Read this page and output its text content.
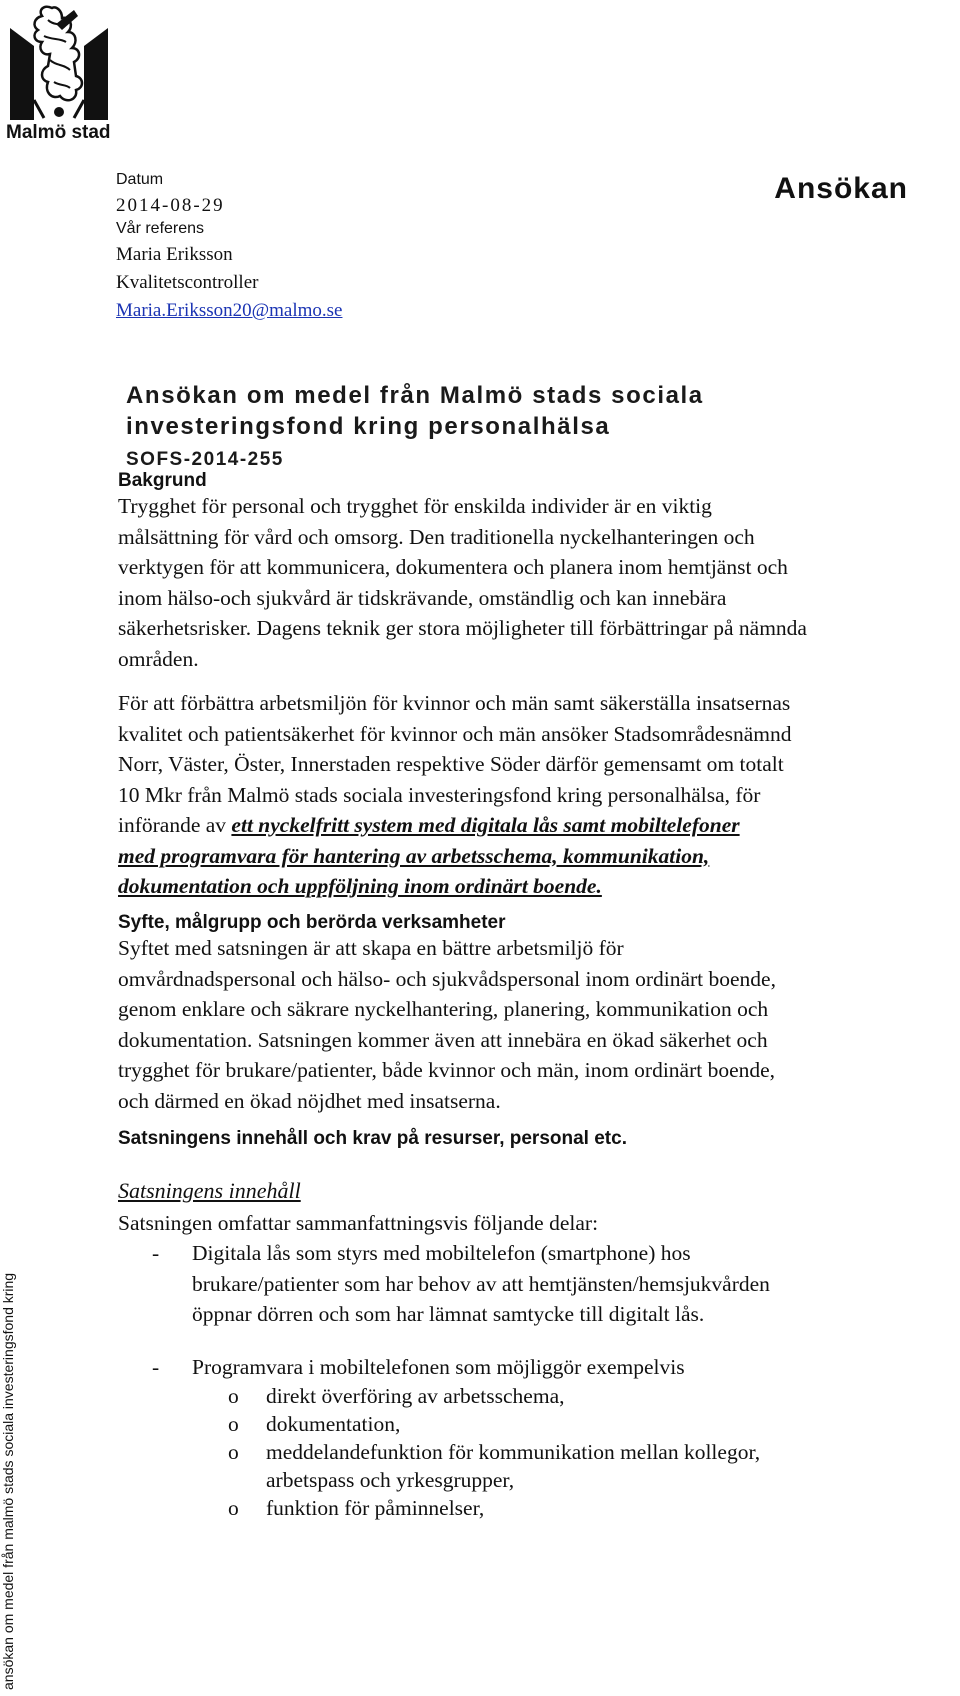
Malmö stad
Datum
2014-08-29
Vår referens
Maria Eriksson
Kvalitetscontroller
Maria.Eriksson20@malmo.se
Ansökan
Ansökan om medel från Malmö stads sociala
investeringsfond kring personalhälsa
SOFS-2014-255
Bakgrund
Trygghet för personal och trygghet för enskilda individer är en viktig
målsättning för vård och omsorg. Den traditionella nyckelhanteringen och
verktygen för att kommunicera, dokumentera och planera inom hemtjänst och
inom hälso-och sjukvård är tidskrävande, omständlig och kan innebära
säkerhetsrisker. Dagens teknik ger stora möjligheter till förbättringar på nämnda
områden.
För att förbättra arbetsmiljön för kvinnor och män samt säkerställa insatsernas
kvalitet och patientsäkerhet för kvinnor och män ansöker Stadsområdesnämnd
Norr, Väster, Öster, Innerstaden respektive Söder därför gemensamt om totalt
10 Mkr från Malmö stads sociala investeringsfond kring personalhälsa, för
införande av ett nyckelfritt system med digitala lås samt mobiltelefoner
med programvara för hantering av arbetsschema, kommunikation,
dokumentation och uppföljning inom ordinärt boende.
Syfte, målgrupp och berörda verksamheter
Syftet med satsningen är att skapa en bättre arbetsmiljö för
omvårdnadspersonal och hälso- och sjukvådspersonal inom ordinärt boende,
genom enklare och säkrare nyckelhantering, planering, kommunikation och
dokumentation. Satsningen kommer även att innebära en ökad säkerhet och
trygghet för brukare/patienter, både kvinnor och män, inom ordinärt boende,
och därmed en ökad nöjdhet med insatserna.
Satsningens innehåll och krav på resurser, personal etc.
Satsningens innehåll
Satsningen omfattar sammanfattningsvis följande delar:
- Digitala lås som styrs med mobiltelefon (smartphone) hos
brukare/patienter som har behov av att hemtjänsten/hemsjukvården
öppnar dörren och som har lämnat samtycke till digitalt lås.
- Programvara i mobiltelefonen som möjliggör exempelvis
o direkt överföring av arbetsschema,
o dokumentation,
o meddelandefunktion för kommunikation mellan kollegor,
arbetspass och yrkesgrupper,
o funktion för påminnelser,
ansökan om medel från malmö stads sociala investeringsfond kring
